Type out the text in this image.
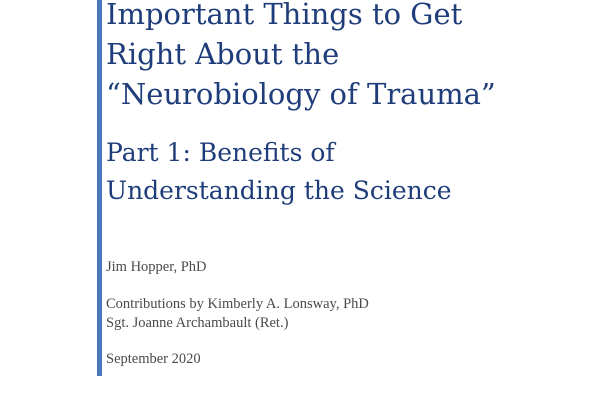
Important Things to Get
Right About the
“Neurobiology of Trauma”
Part 1: Benefits of
Understanding the Science

Jim Hopper, PhD

Contributions by Kimberly A. Lonsway, PhD
Sgt. Joanne Archambault (Ret.)

September 2020
